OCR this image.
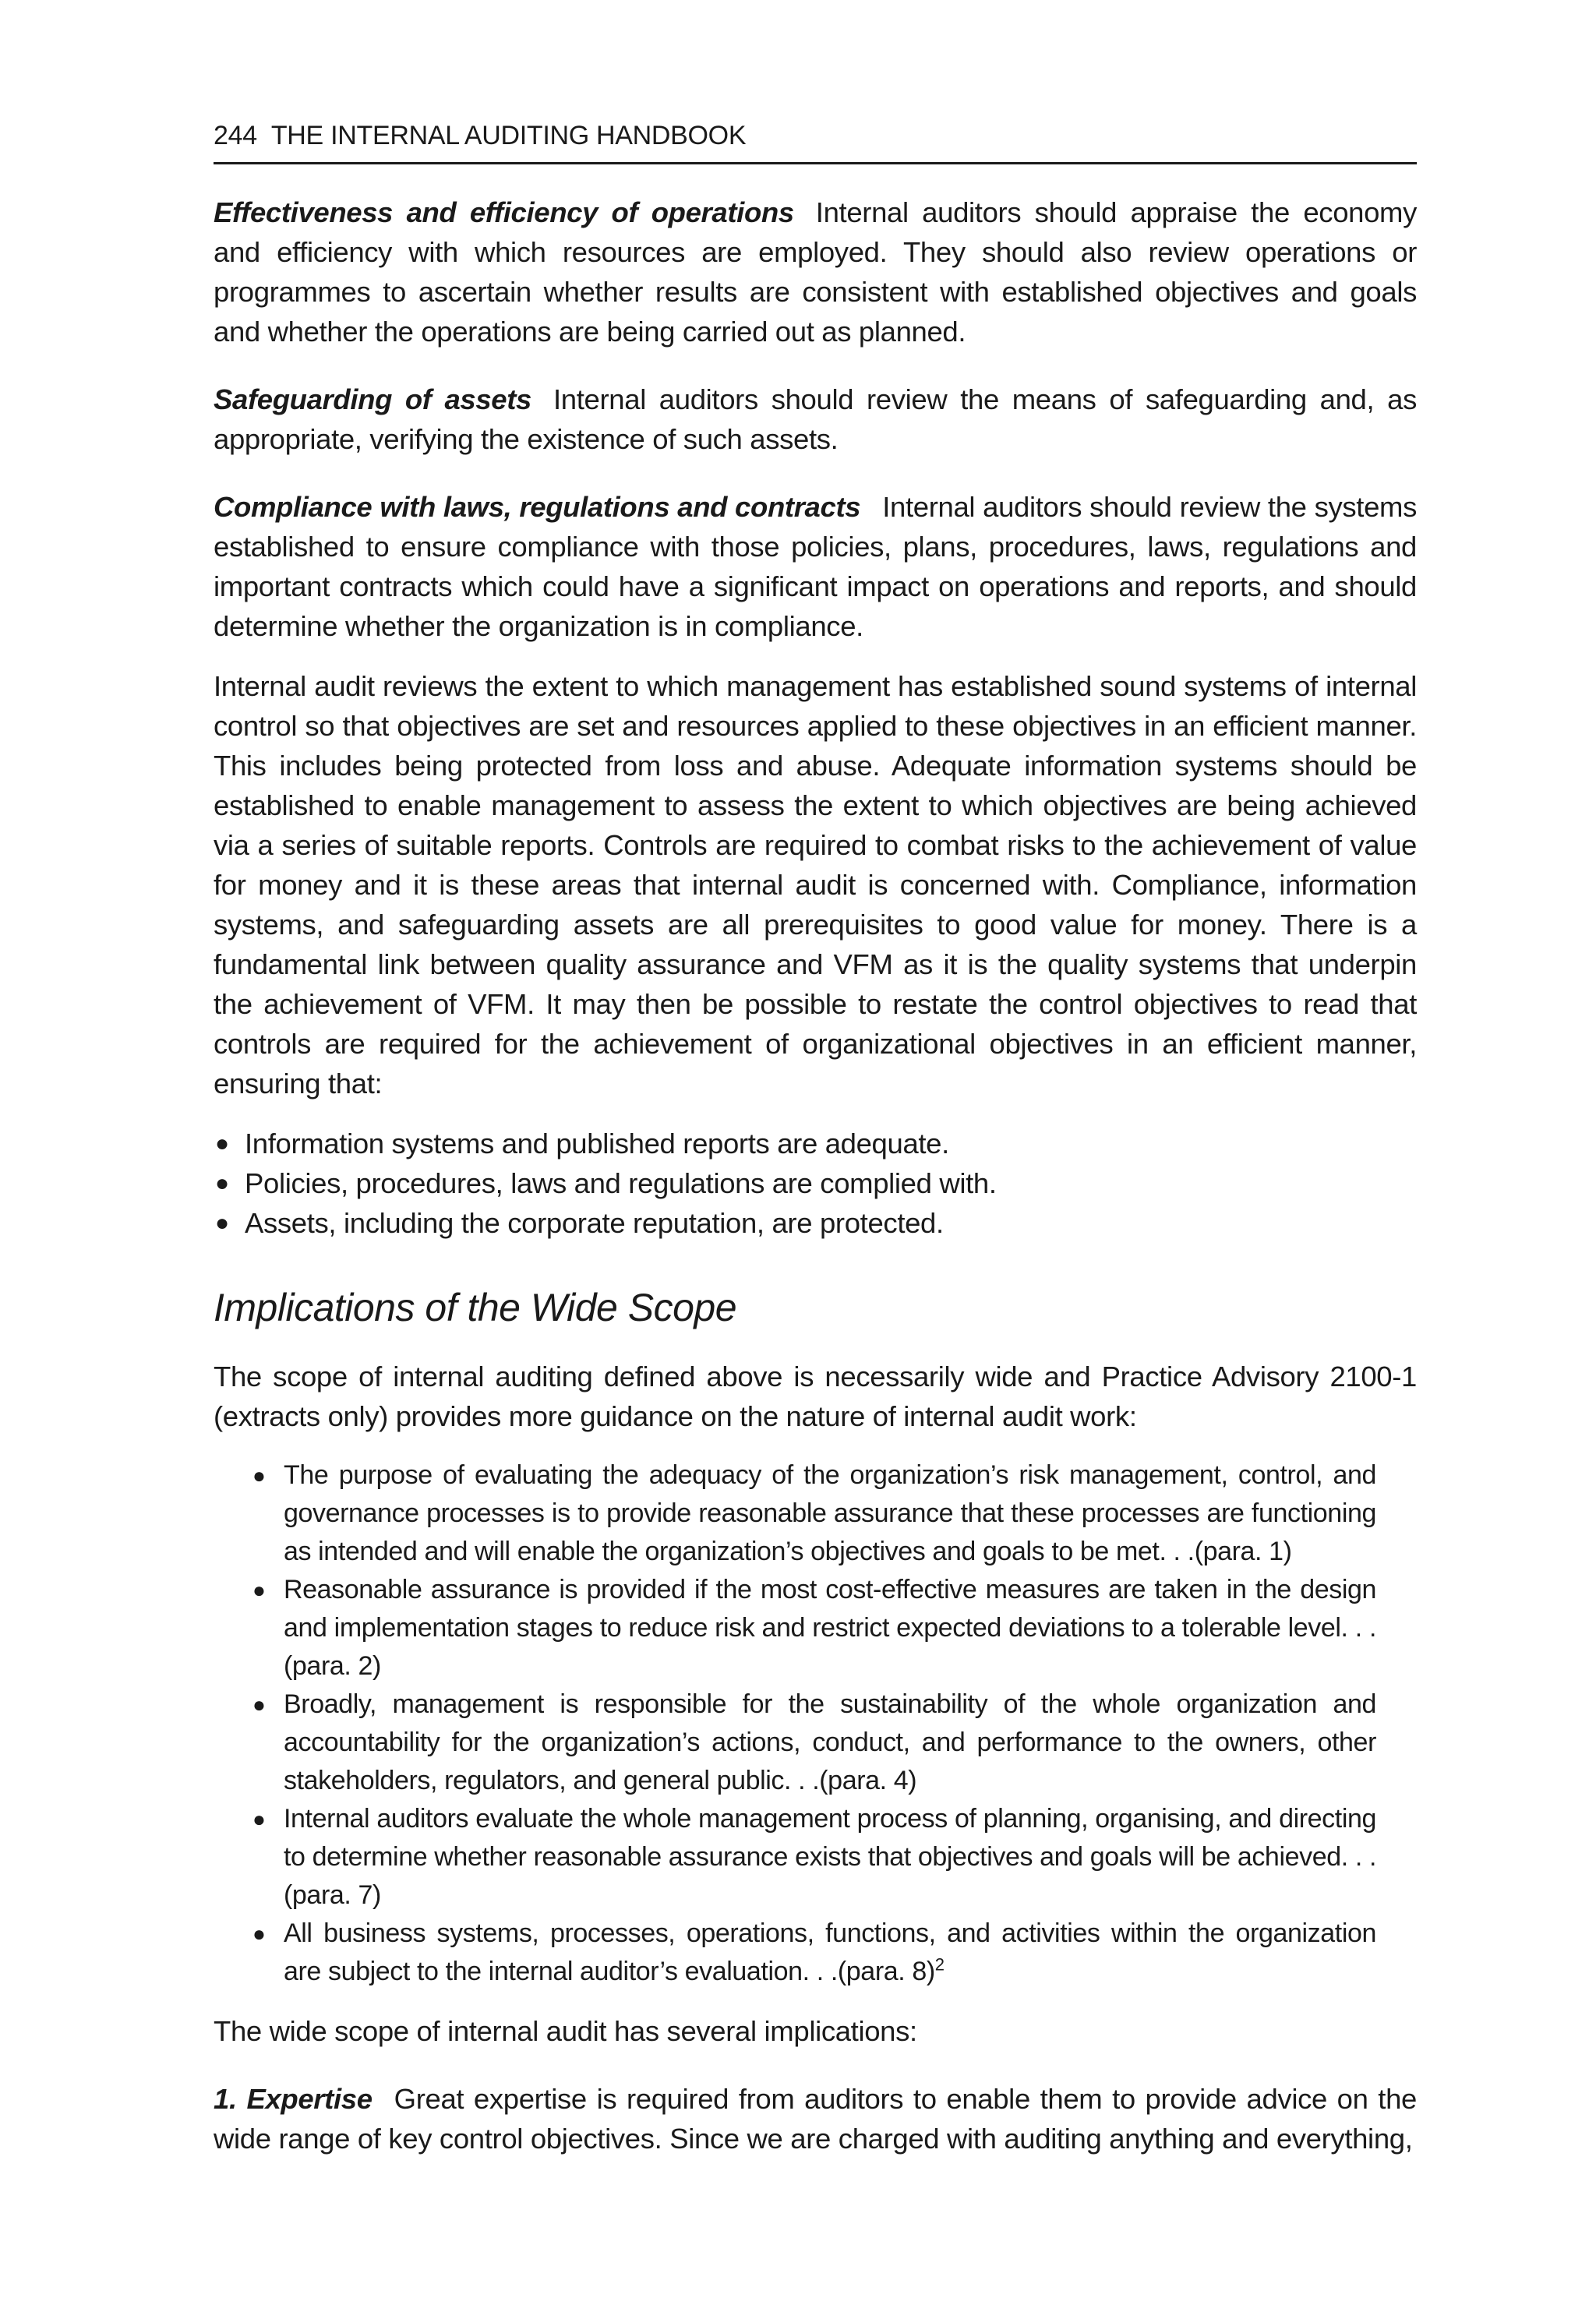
244 THE INTERNAL AUDITING HANDBOOK

Effectiveness and efficiency of operations Internal auditors should appraise the economy and efficiency with which resources are employed. They should also review operations or programmes to ascertain whether results are consistent with established objectives and goals and whether the operations are being carried out as planned.

Safeguarding of assets Internal auditors should review the means of safeguarding and, as appropriate, verifying the existence of such assets.

Compliance with laws, regulations and contracts Internal auditors should review the systems established to ensure compliance with those policies, plans, procedures, laws, regulations and important contracts which could have a significant impact on operations and reports, and should determine whether the organization is in compliance.

Internal audit reviews the extent to which management has established sound systems of internal control so that objectives are set and resources applied to these objectives in an efficient manner. This includes being protected from loss and abuse. Adequate information systems should be established to enable management to assess the extent to which objectives are being achieved via a series of suitable reports. Controls are required to combat risks to the achievement of value for money and it is these areas that internal audit is concerned with. Compliance, information systems, and safeguarding assets are all prerequisites to good value for money. There is a fundamental link between quality assurance and VFM as it is the quality systems that underpin the achievement of VFM. It may then be possible to restate the control objectives to read that controls are required for the achievement of organizational objectives in an efficient manner, ensuring that:

● Information systems and published reports are adequate.
● Policies, procedures, laws and regulations are complied with.
● Assets, including the corporate reputation, are protected.
Implications of the Wide Scope

The scope of internal auditing defined above is necessarily wide and Practice Advisory 2100-1 (extracts only) provides more guidance on the nature of internal audit work:

● The purpose of evaluating the adequacy of the organization’s risk management, control, and governance processes is to provide reasonable assurance that these processes are functioning as intended and will enable the organization’s objectives and goals to be met. . .(para. 1)
● Reasonable assurance is provided if the most cost-effective measures are taken in the design and implementation stages to reduce risk and restrict expected deviations to a tolerable level. . .(para. 2)
● Broadly, management is responsible for the sustainability of the whole organization and accountability for the organization’s actions, conduct, and performance to the owners, other stakeholders, regulators, and general public. . .(para. 4)
● Internal auditors evaluate the whole management process of planning, organising, and directing to determine whether reasonable assurance exists that objectives and goals will be achieved. . .(para. 7)
● All business systems, processes, operations, functions, and activities within the organization are subject to the internal auditor’s evaluation. . .(para. 8)$^2$

The wide scope of internal audit has several implications:

1. Expertise Great expertise is required from auditors to enable them to provide advice on the wide range of key control objectives. Since we are charged with auditing anything and everything,
